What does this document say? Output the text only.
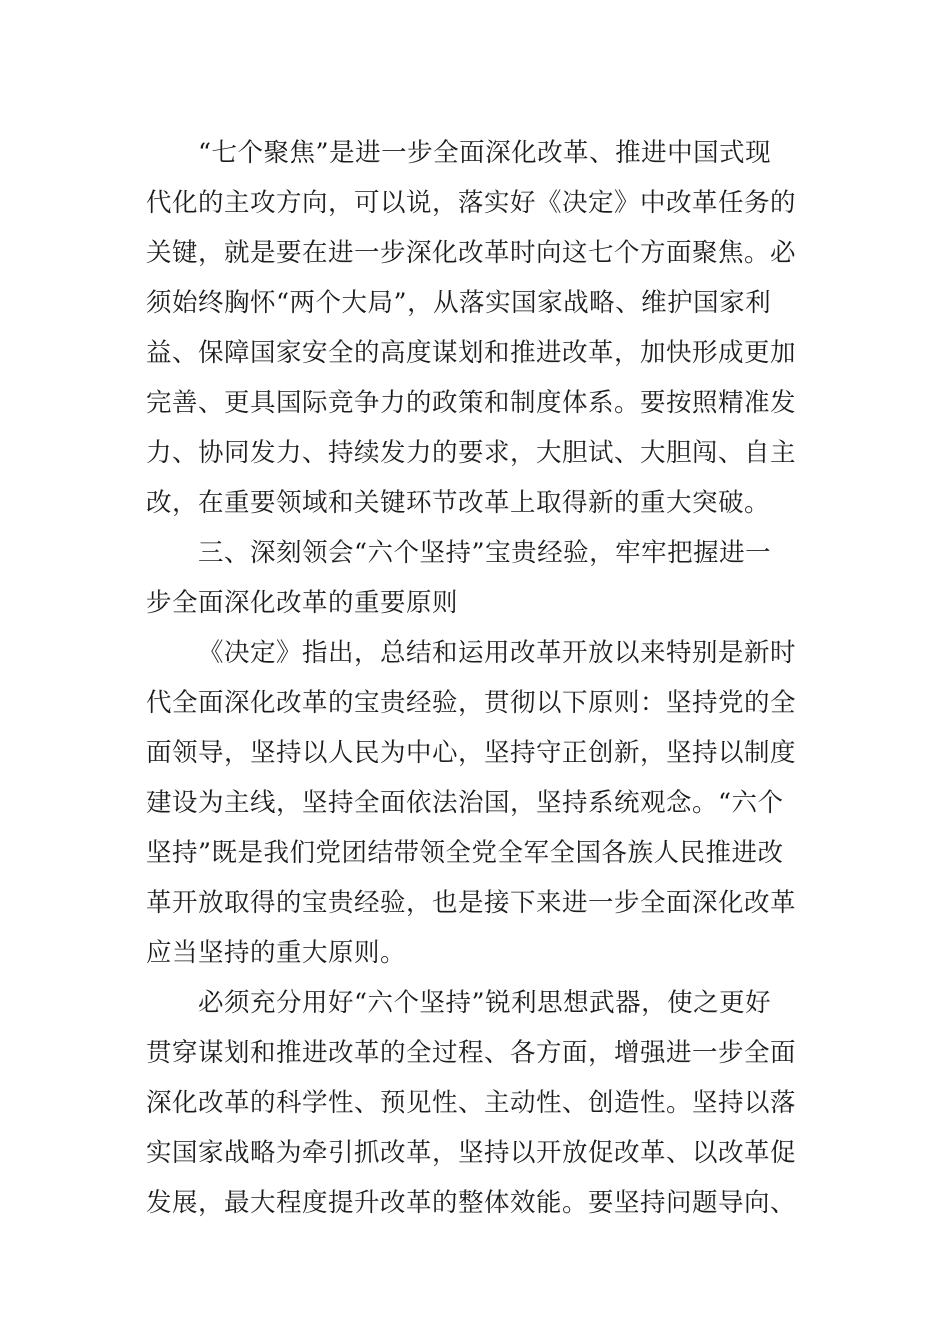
“七个聚焦”是进一步全面深化改革、推进中国式现

代化的主攻方向，可以说，落实好《决定》中改革任务的

关键，就是要在进一步深化改革时向这七个方面聚焦。必

须始终胸怀“两个大局”，从落实国家战略、维护国家利

益、保障国家安全的高度谋划和推进改革，加快形成更加

完善、更具国际竞争力的政策和制度体系。要按照精准发

力、协同发力、持续发力的要求，大胆试、大胆闯、自主

改，在重要领域和关键环节改革上取得新的重大突破。

三、深刻领会“六个坚持”宝贵经验，牢牢把握进一

步全面深化改革的重要原则

《决定》指出，总结和运用改革开放以来特别是新时

代全面深化改革的宝贵经验，贯彻以下原则：坚持党的全

面领导，坚持以人民为中心，坚持守正创新，坚持以制度

建设为主线，坚持全面依法治国，坚持系统观念。“六个

坚持”既是我们党团结带领全党全军全国各族人民推进改

革开放取得的宝贵经验，也是接下来进一步全面深化改革

应当坚持的重大原则。

必须充分用好“六个坚持”锐利思想武器，使之更好

贯穿谋划和推进改革的全过程、各方面，增强进一步全面

深化改革的科学性、预见性、主动性、创造性。坚持以落

实国家战略为牵引抓改革，坚持以开放促改革、以改革促

发展，最大程度提升改革的整体效能。要坚持问题导向、
